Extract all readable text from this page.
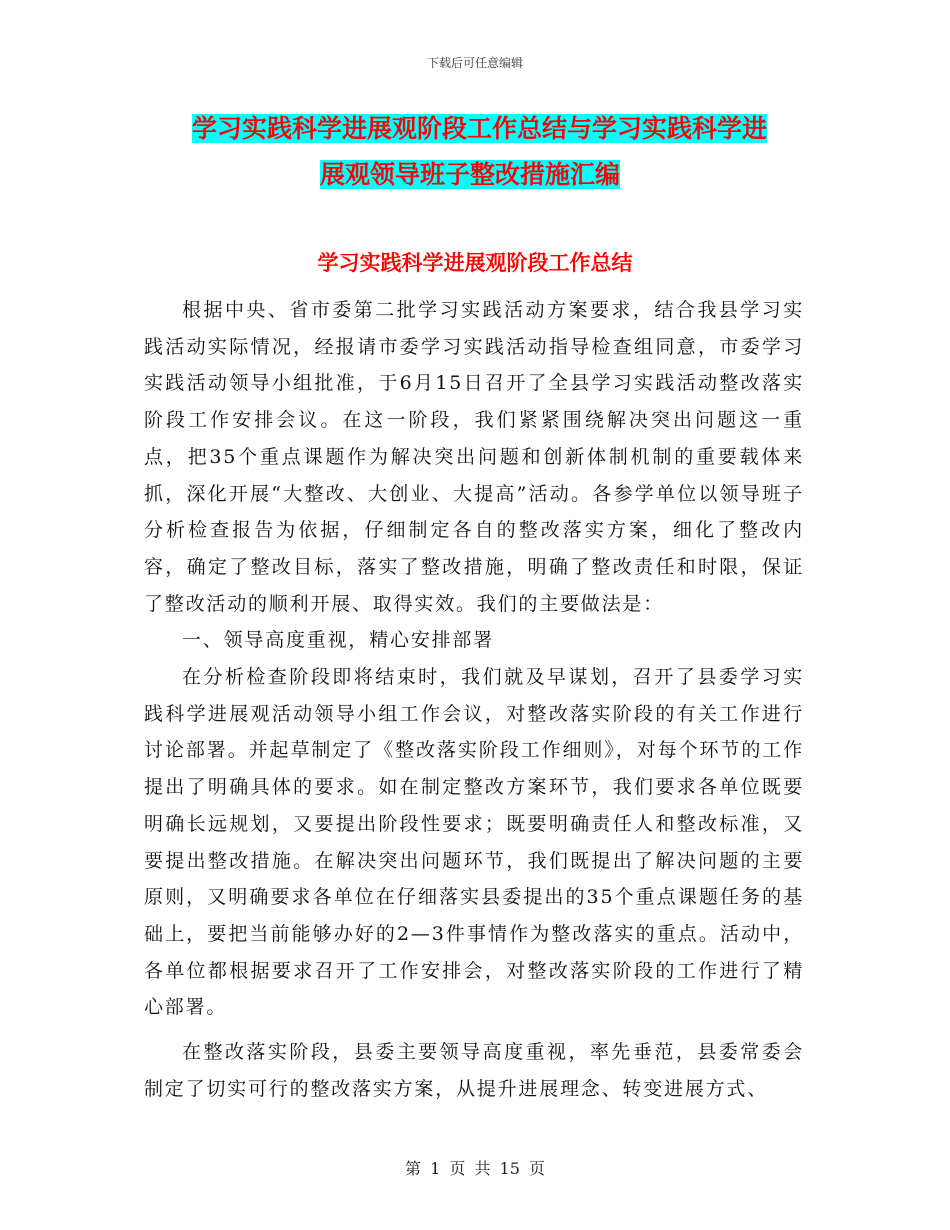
下载后可任意编辑
学习实践科学进展观阶段工作总结与学习实践科学进
展观领导班子整改措施汇编
学习实践科学进展观阶段工作总结

根据中央、省市委第二批学习实践活动方案要求，结合我县学习实践活动实际情况，经报请市委学习实践活动指导检查组同意，市委学习实践活动领导小组批准，于6月15日召开了全县学习实践活动整改落实阶段工作安排会议。在这一阶段，我们紧紧围绕解决突出问题这一重点，把35个重点课题作为解决突出问题和创新体制机制的重要载体来抓，深化开展“大整改、大创业、大提高”活动。各参学单位以领导班子分析检查报告为依据，仔细制定各自的整改落实方案，细化了整改内容，确定了整改目标，落实了整改措施，明确了整改责任和时限，保证了整改活动的顺利开展、取得实效。我们的主要做法是：

一、领导高度重视，精心安排部署

在分析检查阶段即将结束时，我们就及早谋划，召开了县委学习实践科学进展观活动领导小组工作会议，对整改落实阶段的有关工作进行讨论部署。并起草制定了《整改落实阶段工作细则》，对每个环节的工作提出了明确具体的要求。如在制定整改方案环节，我们要求各单位既要明确长远规划，又要提出阶段性要求；既要明确责任人和整改标准，又要提出整改措施。在解决突出问题环节，我们既提出了解决问题的主要原则，又明确要求各单位在仔细落实县委提出的35个重点课题任务的基础上，要把当前能够办好的2—3件事情作为整改落实的重点。活动中，各单位都根据要求召开了工作安排会，对整改落实阶段的工作进行了精心部署。

在整改落实阶段，县委主要领导高度重视，率先垂范，县委常委会制定了切实可行的整改落实方案，从提升进展理念、转变进展方式、

第 1 页 共 15 页
